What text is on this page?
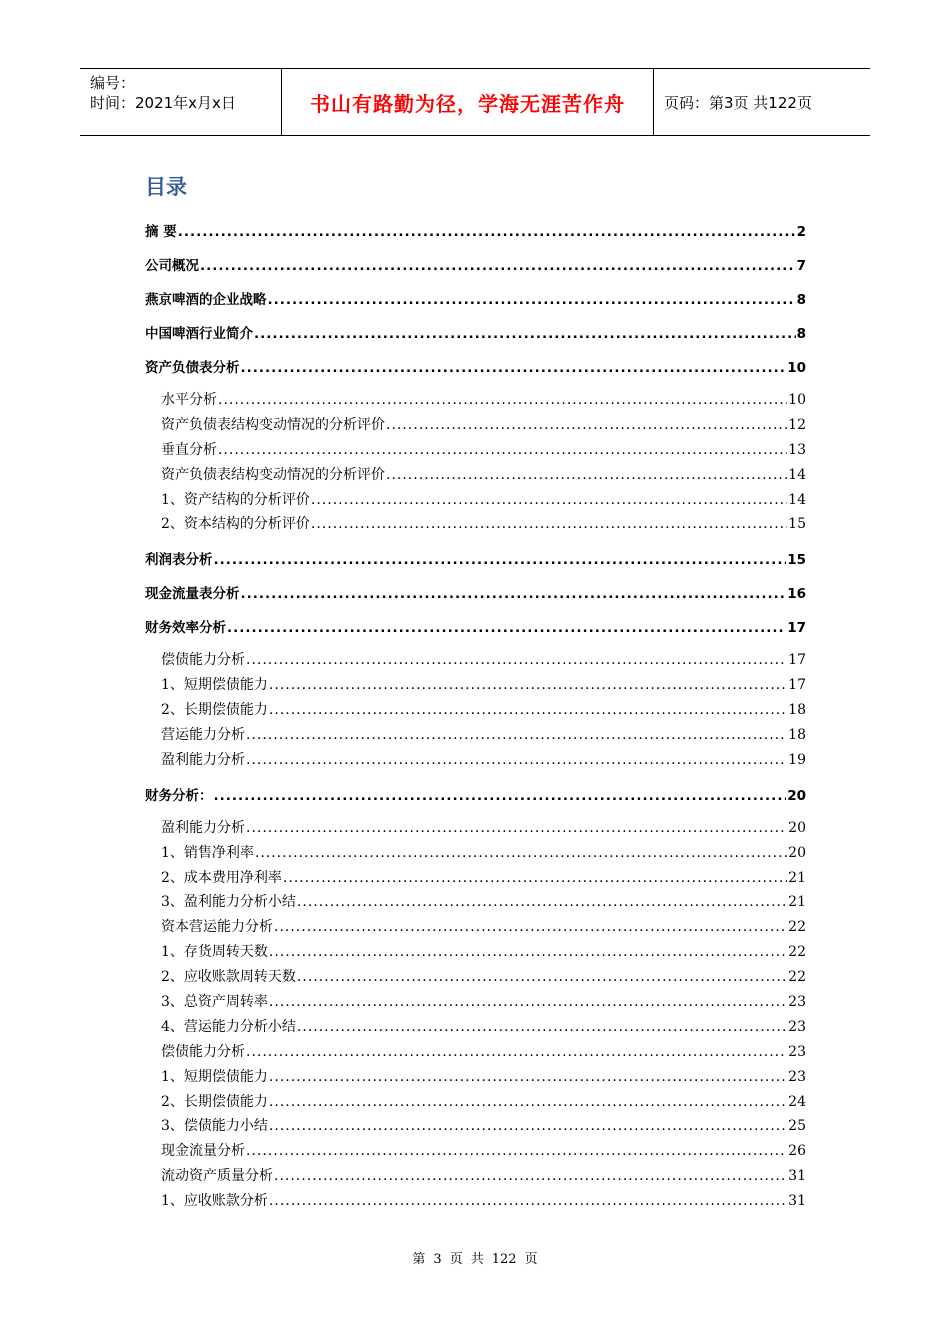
编号：
时间：2021年x月x日	书山有路勤为径，学海无涯苦作舟	页码：第3页 共122页
目录
摘 要 .....	2
公司概况 .....	7
燕京啤酒的企业战略 .....	8
中国啤酒行业简介 .....	8
资产负债表分析 .....	10
水平分析 .....	10
资产负债表结构变动情况的分析评价 .....	12
垂直分析 .....	13
资产负债表结构变动情况的分析评价 .....	14
1、资产结构的分析评价 .....	14
2、资本结构的分析评价 .....	15
利润表分析 .....	15
现金流量表分析 .....	16
财务效率分析 .....	17
偿债能力分析 .....	17
1、短期偿债能力 .....	17
2、长期偿债能力 .....	18
营运能力分析 .....	18
盈利能力分析 .....	19
财务分析： .....	20
盈利能力分析 .....	20
1、销售净利率 .....	20
2、成本费用净利率 .....	21
3、盈利能力分析小结 .....	21
资本营运能力分析 .....	22
1、存货周转天数 .....	22
2、应收账款周转天数 .....	22
3、总资产周转率 .....	23
4、营运能力分析小结 .....	23
偿债能力分析 .....	23
1、短期偿债能力 .....	23
2、长期偿债能力 .....	24
3、偿债能力小结 .....	25
现金流量分析 .....	26
流动资产质量分析 .....	31
1、应收账款分析 .....	31
第 3 页 共 122 页
